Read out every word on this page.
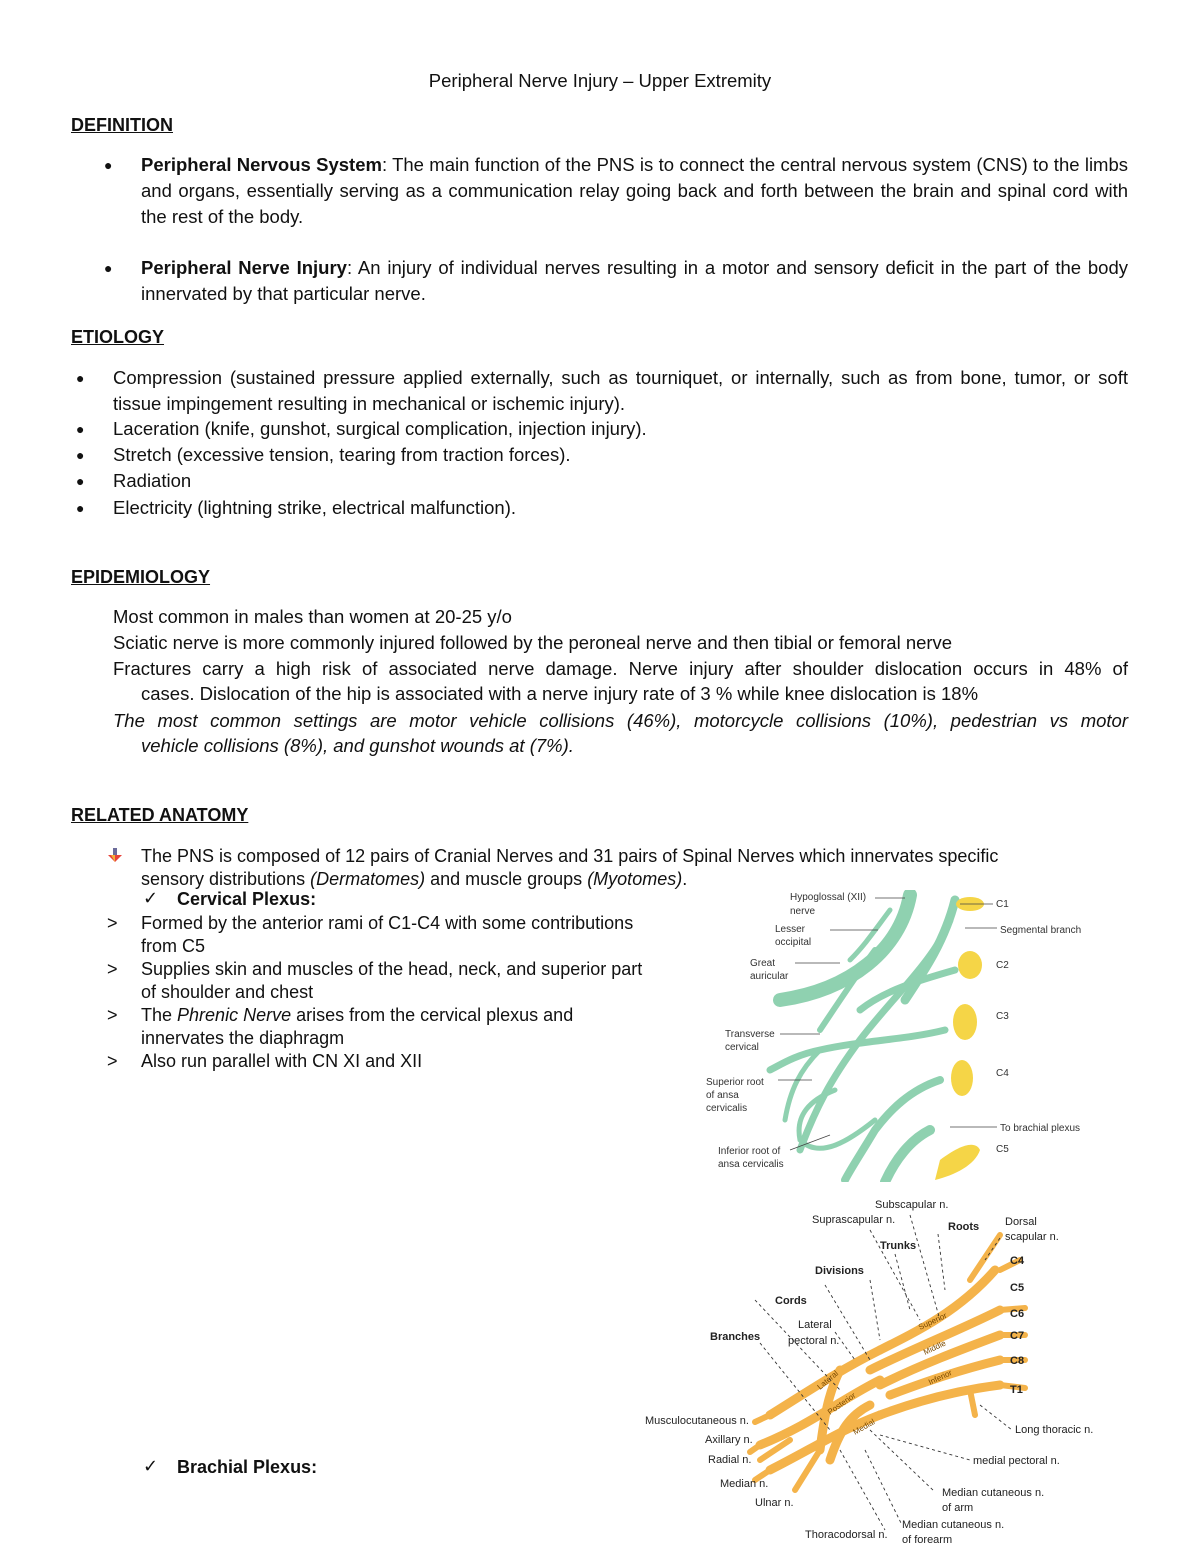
Peripheral Nerve Injury – Upper Extremity
DEFINITION
● Peripheral Nervous System: The main function of the PNS is to connect the central nervous system (CNS) to the limbs and organs, essentially serving as a communication relay going back and forth between the brain and spinal cord with the rest of the body.
● Peripheral Nerve Injury: An injury of individual nerves resulting in a motor and sensory deficit in the part of the body innervated by that particular nerve.
ETIOLOGY
● Compression (sustained pressure applied externally, such as tourniquet, or internally, such as from bone, tumor, or soft tissue impingement resulting in mechanical or ischemic injury).
● Laceration (knife, gunshot, surgical complication, injection injury).
● Stretch (excessive tension, tearing from traction forces).
● Radiation
● Electricity (lightning strike, electrical malfunction).
EPIDEMIOLOGY
Most common in males than women at 20-25 y/o
Sciatic nerve is more commonly injured followed by the peroneal nerve and then tibial or femoral nerve
Fractures carry a high risk of associated nerve damage. Nerve injury after shoulder dislocation occurs in 48% of
cases. Dislocation of the hip is associated with a nerve injury rate of 3 % while knee dislocation is 18%
The most common settings are motor vehicle collisions (46%), motorcycle collisions (10%), pedestrian vs motor
vehicle collisions (8%), and gunshot wounds at (7%).
RELATED ANATOMY
The PNS is composed of 12 pairs of Cranial Nerves and 31 pairs of Spinal Nerves which innervates specific
sensory distributions (Dermatomes) and muscle groups (Myotomes).
✓ Cervical Plexus:
> Formed by the anterior rami of C1-C4 with some contributions
from C5
> Supplies skin and muscles of the head, neck, and superior part
of shoulder and chest
> The Phrenic Nerve arises from the cervical plexus and
innervates the diaphragm
> Also run parallel with CN XI and XII
✓ Brachial Plexus:
Hypoglossal (XII)
nerve
Lesser
occipital
Great
auricular
Transverse
cervical
Superior root
of ansa
cervicalis
Inferior root of
ansa cervicalis
C1
Segmental branch
C2
C3
C4
To brachial plexus
C5
Subscapular n.
Suprascapular n.
Roots Dorsal
scapular n.
Trunks
Divisions
Cords
Lateral
pectoral n.
Branches
C4
C5
C6
C7
C8
T1
Musculocutaneous n.
Axillary n.
Radial n.
Median n.
Ulnar n.
Thoracodorsal n.
Long thoracic n.
medial pectoral n.
Median cutaneous n.
of arm
Median cutaneous n.
of forearm
Superior
Middle
Inferior
Lateral
Posterior
Medial
